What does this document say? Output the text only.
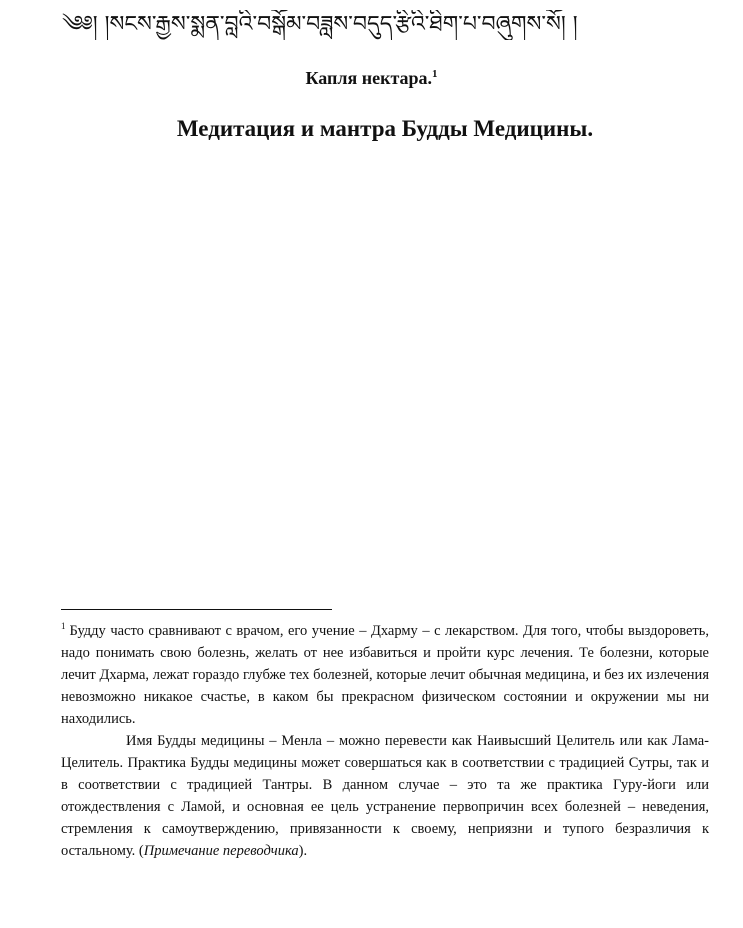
༄༅། །སངས་རྒྱས་སྨན་བླའི་བསྒོམ་བཟླས་བདུད་རྩིའི་ཐིག་པ་བཞུགས་སོ། །
Капля нектара.$^1$
Медитация и мантра Будды Медицины.

$^1$ Будду часто сравнивают с врачом, его учение – Дхарму – с лекарством. Для того, чтобы выздороветь, надо понимать свою болезнь, желать от нее избавиться и пройти курс лечения. Те болезни, которые лечит Дхарма, лежат гораздо глубже тех болезней, которые лечит обычная медицина, и без их излечения невозможно никакое счастье, в каком бы прекрасном физическом состоянии и окружении мы ни находились.

Имя Будды медицины – Менла – можно перевести как Наивысший Целитель или как Лама-Целитель. Практика Будды медицины может совершаться как в соответствии с традицией Сутры, так и в соответствии с традицией Тантры. В данном случае – это та же практика Гуру-йоги или отождествления с Ламой, и основная ее цель устранение первопричин всех болезней – неведения, стремления к самоутверждению, привязанности к своему, неприязни и тупого безразличия к остальному. (Примечание переводчика).
